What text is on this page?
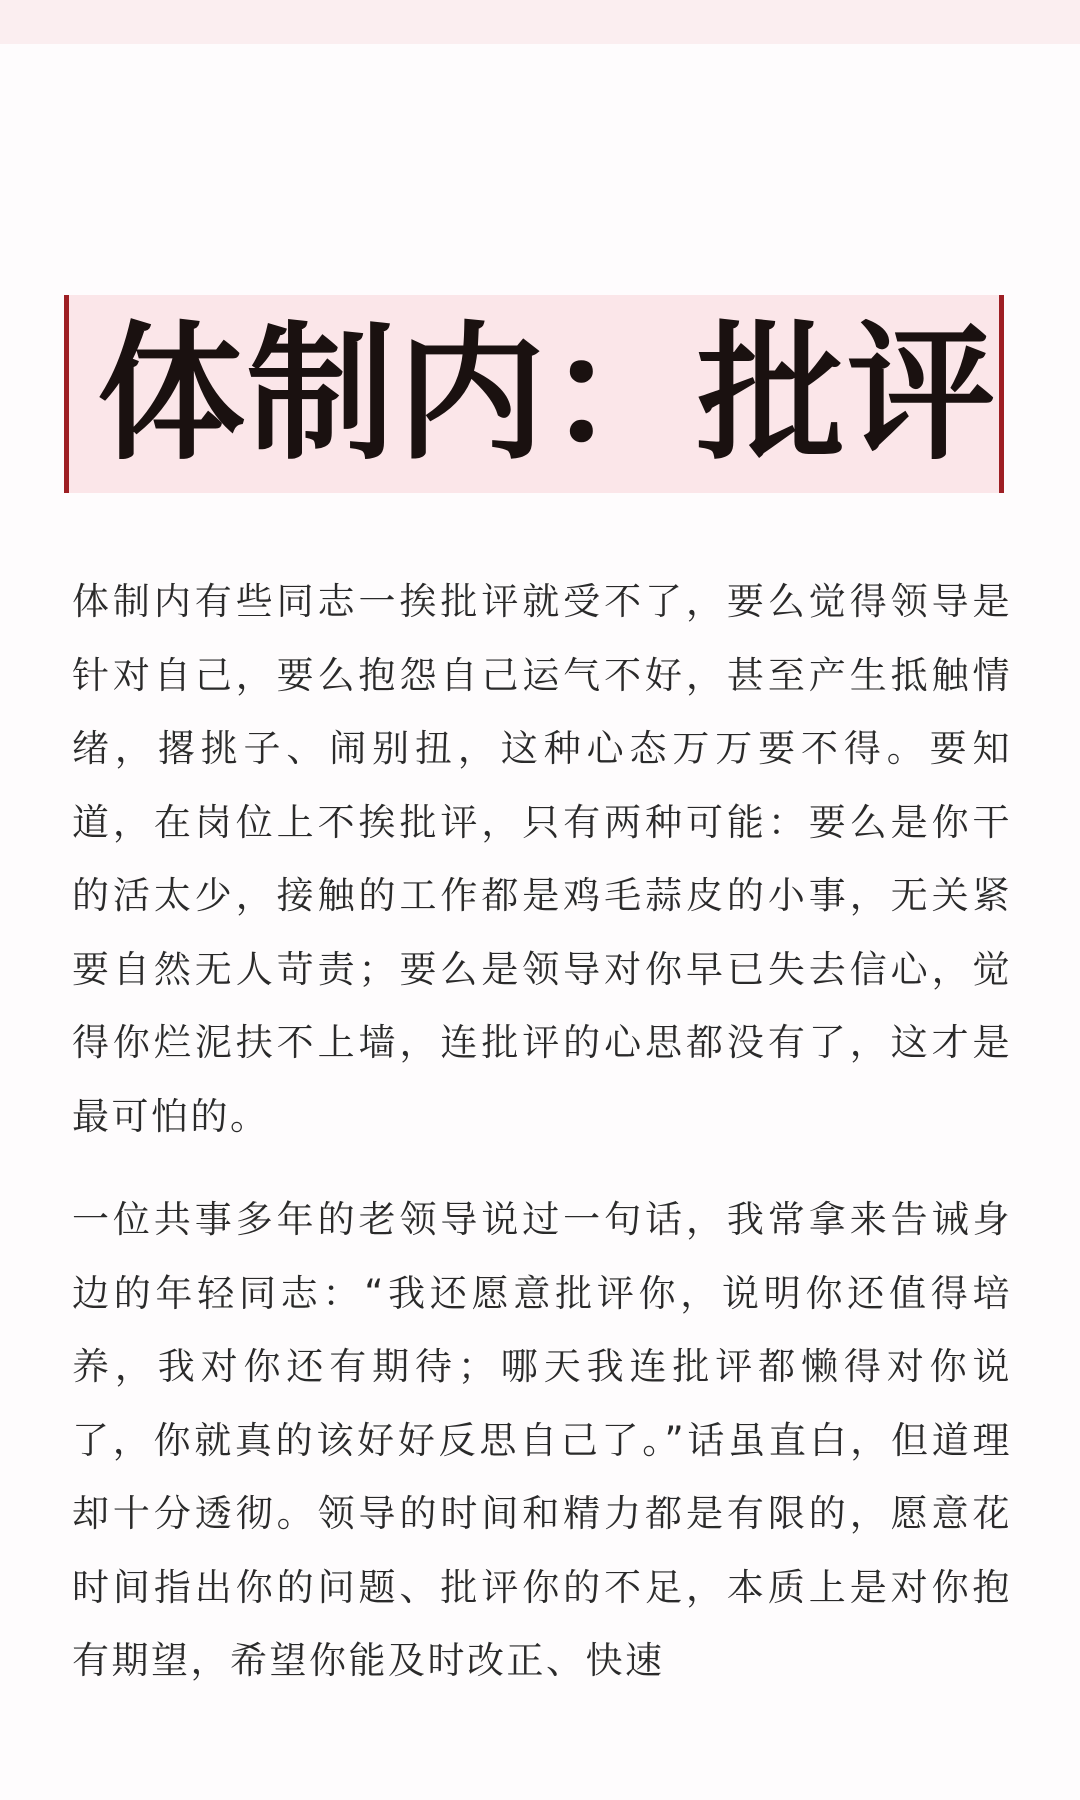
体制内：批评

体制内有些同志一挨批评就受不了，要么觉得领导是针对自己，要么抱怨自己运气不好，甚至产生抵触情绪，撂挑子、闹别扭，这种心态万万要不得。要知道，在岗位上不挨批评，只有两种可能：要么是你干的活太少，接触的工作都是鸡毛蒜皮的小事，无关紧要自然无人苛责；要么是领导对你早已失去信心，觉得你烂泥扶不上墙，连批评的心思都没有了，这才是最可怕的。

一位共事多年的老领导说过一句话，我常拿来告诫身边的年轻同志：“我还愿意批评你，说明你还值得培养，我对你还有期待；哪天我连批评都懒得对你说了，你就真的该好好反思自己了。”话虽直白，但道理却十分透彻。领导的时间和精力都是有限的，愿意花时间指出你的问题、批评你的不足，本质上是对你抱有期望，希望你能及时改正、快速
